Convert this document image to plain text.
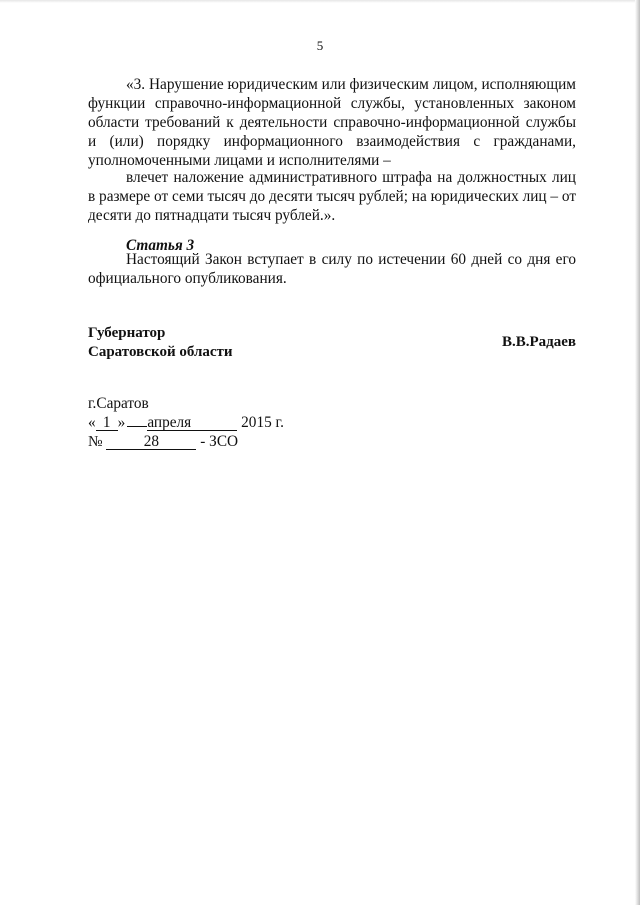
5

«3. Нарушение юридическим или физическим лицом, исполняющим функции справочно-информационной службы, установленных законом области требований к деятельности справочно-информационной службы и (или) порядку информационного взаимодействия с гражданами, уполномоченными лицами и исполнителями –

влечет наложение административного штрафа на должностных лиц в размере от семи тысяч до десяти тысяч рублей; на юридических лиц – от десяти до пятнадцати тысяч рублей.».

Статья 3

Настоящий Закон вступает в силу по истечении 60 дней со дня его официального опубликования.

Губернатор
Саратовской области
В.В.Радаев
г.Саратов
« 1 » апреля	2015 г.
№	28	- ЗСО
